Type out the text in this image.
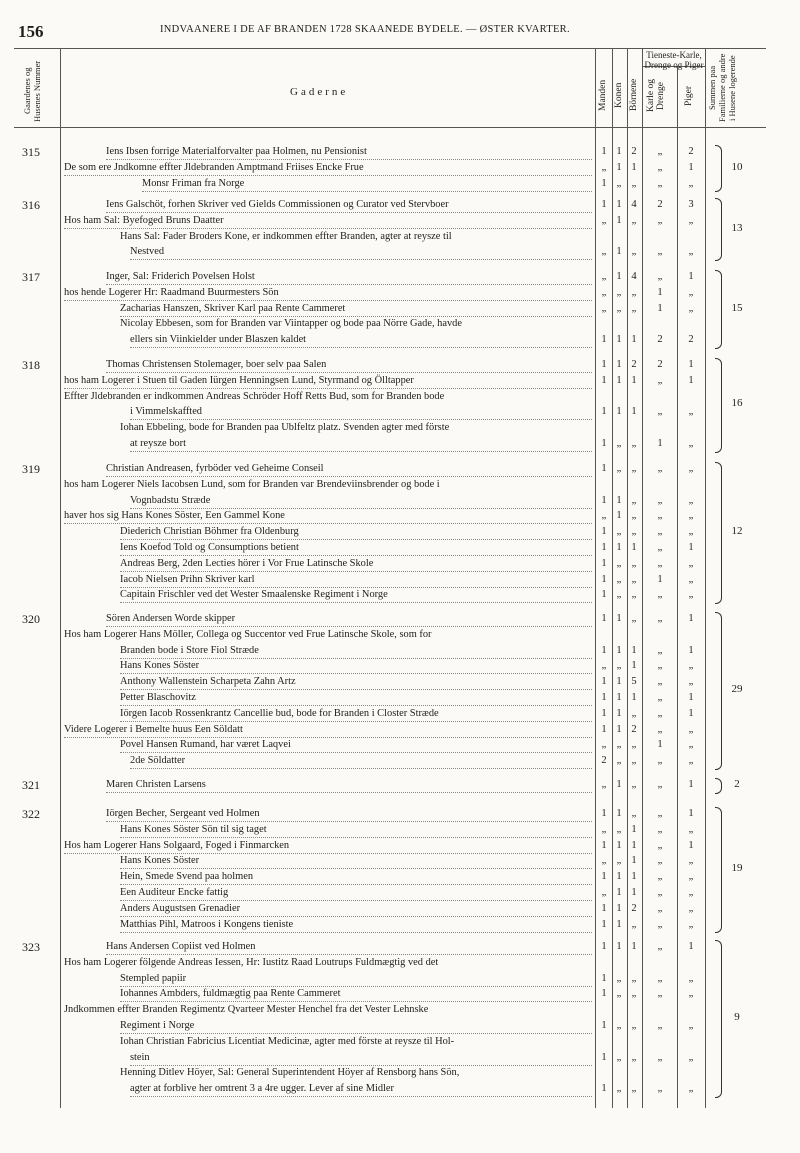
156	INDVAANERE I DE AF BRANDEN 1728 SKAANEDE BYDELE. — ØSTER KVARTER.
Gaardenes og Husenes Nummer	Gaderne	Manden Konen Börnene
Tieneste-Karle, Drenge og Piger
Karle og Drenge	Piger Summen paa Familierne og andre i Husene logerende
315	Iens Ibsen forrige Materialforvalter paa Holmen, nu Pensionist	1 1 2	„	2
De som ere Jndkomne effter Jldebranden Amptmand Friises Encke Frue	„ 1 1	„	1
Monsr Friman fra Norge	1 „ „	„	„
10
316	Iens Galschöt, forhen Skriver ved Gields Commissionen og Curator ved Stervboer	1 1 4	2	3
Hos ham Sal: Byefoged Bruns Daatter	„ 1 „	„	„
Hans Sal: Fader Broders Kone, er indkommen effter Branden, agter at reysze til
Nestved	„ 1 „	„	„
13
317	Inger, Sal: Friderich Povelsen Holst	„ 1 4	„	1
hos hende Logerer Hr: Raadmand Buurmesters Sön	„ „ „	1	„
Zacharias Hanszen, Skriver Karl paa Rente Cammeret	„ „ „	1	„
Nicolay Ebbesen, som for Branden var Viintapper og bode paa Nörre Gade, havde
ellers sin Viinkielder under Blaszen kaldet	1 1 1	2	2
15
318	Thomas Christensen Stolemager, boer selv paa Salen	1 1 2	2	1
hos ham Logerer i Stuen til Gaden Iürgen Henningsen Lund, Styrmand og Ölltapper	1 1 1	„	1
Effter Jldebranden er indkommen Andreas Schröder Hoff Retts Bud, som for Branden bode
i Vimmelskaffted	1 1 1	„	„
Iohan Ebbeling, bode for Branden paa Ublfeltz platz. Svenden agter med förste
at reysze bort	1 „ „	1	„
16
319	Christian Andreasen, fyrböder ved Geheime Conseil	1 „ „	„	„
hos ham Logerer Niels Iacobsen Lund, som for Branden var Brendeviinsbrender og bode i
Vognbadstu Stræde	1 1 „	„	„
haver hos sig Hans Kones Söster, Een Gammel Kone	„ 1 „	„	„
Diederich Christian Böhmer fra Oldenburg	1 „ „	„	„
Iens Koefod Told og Consumptions betient	1 1 1	„	1
Andreas Berg, 2den Lecties hörer i Vor Frue Latinsche Skole	1 „ „	„	„
Iacob Nielsen Prihn Skriver karl	1 „ „	1	„
Capitain Frischler ved det Wester Smaalenske Regiment i Norge	1 „ „	„	„
12
320	Sören Andersen Worde skipper	1 1 „	„	1
Hos ham Logerer Hans Möller, Collega og Succentor ved Frue Latinsche Skole, som for
Branden bode i Store Fiol Stræde	1 1 1	„	1
Hans Kones Söster	„ „ 1	„	„
Anthony Wallenstein Scharpeta Zahn Artz	1 1 5	„	„
Petter Blaschovitz	1 1 1	„	1
Iörgen Iacob Rossenkrantz Cancellie bud, bode for Branden i Closter Stræde	1 1 „	„	1
Videre Logerer i Bemelte huus Een Söldatt	1 1 2	„	„
Povel Hansen Rumand, har været Laqvei	„ „ „	1	„
2de Söldatter	2 „ „	„	„
29
321	Maren Christen Larsens	„ 1 „	„	1	2
322	Iörgen Becher, Sergeant ved Holmen	1 1 „	„	1
Hans Kones Söster Sön til sig taget	„ „ 1	„	„
Hos ham Logerer Hans Solgaard, Foged i Finmarcken	1 1 1	„	1
Hans Kones Söster	„ „ 1	„	„
Hein, Smede Svend paa holmen	1 1 1	„	„
Een Auditeur Encke fattig	„ 1 1	„	„
Anders Augustsen Grenadier	1 1 2	„	„
Matthias Pihl, Matroos i Kongens tieniste	1 1 „	„	„
19
323	Hans Andersen Copiist ved Holmen	1 1 1	„	1
Hos ham Logerer fölgende Andreas Iessen, Hr: Iustitz Raad Loutrups Fuldmægtig ved det
Stempled papiir	1 „ „	„	„
Iohannes Ambders, fuldmægtig paa Rente Cammeret	1 „ „	„	„
Jndkommen effter Branden Regimentz Qvarteer Mester Henchel fra det Vester Lehnske
Regiment i Norge	1 „ „	„	„
Iohan Christian Fabricius Licentiat Medicinæ, agter med förste at reysze til Hol-
stein	1 „ „	„	„
Henning Ditlev Höyer, Sal: General Superintendent Höyer af Rensborg hans Sön,
agter at forblive her omtrent 3 a 4re ugger. Lever af sine Midler	1 „ „	„	„
9
